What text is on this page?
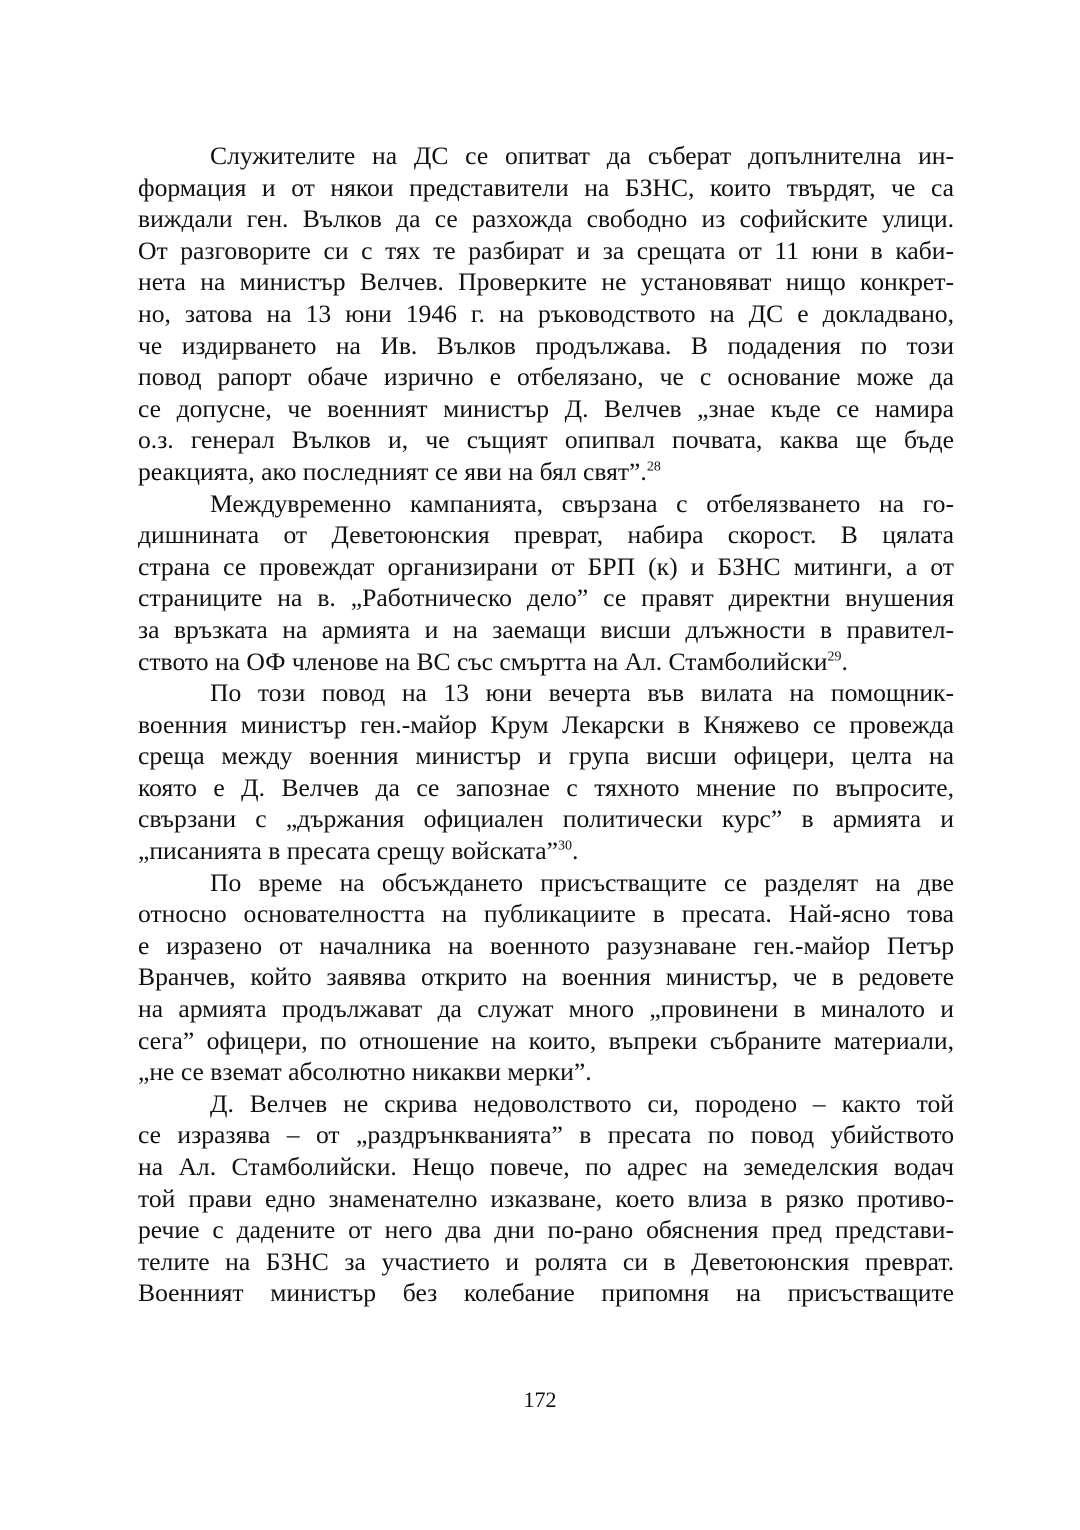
Служителите на ДС се опитват да съберат допълнителна ин-
формация и от някои представители на БЗНС, които твърдят, че са
виждали ген. Вълков да се разхожда свободно из софийските улици.
От разговорите си с тях те разбират и за срещата от 11 юни в каби-
нета на министър Велчев. Проверките не установяват нищо конкрет-
но, затова на 13 юни 1946 г. на ръководството на ДС е докладвано,
че издирването на Ив. Вълков продължава. В подадения по този
повод рапорт обаче изрично е отбелязано, че с основание може да
се допусне, че военният министър Д. Велчев „знае къде се намира
о.з. генерал Вълков и, че същият опипвал почвата, каква ще бъде
реакцията, ако последният се яви на бял свят”.$^{28}$
Междувременно кампанията, свързана с отбелязването на го-
дишнината от Деветоюнския преврат, набира скорост. В цялата
страна се провеждат организирани от БРП (к) и БЗНС митинги, а от
страниците на в. „Работническо дело” се правят директни внушения
за връзката на армията и на заемащи висши длъжности в правител-
ството на ОФ членове на ВС със смъртта на Ал. Стамболийски$^{29}$.
По този повод на 13 юни вечерта във вилата на помощник-
военния министър ген.-майор Крум Лекарски в Княжево се провежда
среща между военния министър и група висши офицери, целта на
която е Д. Велчев да се запознае с тяхното мнение по въпросите,
свързани с „държания официален политически курс” в армията и
„писанията в пресата срещу войската”$^{30}$.
По време на обсъждането присъстващите се разделят на две
относно основателността на публикациите в пресата. Най-ясно това
е изразено от началника на военното разузнаване ген.-майор Петър
Вранчев, който заявява открито на военния министър, че в редовете
на армията продължават да служат много „провинени в миналото и
сега” офицери, по отношение на които, въпреки събраните материали,
„не се вземат абсолютно никакви мерки”.
Д. Велчев не скрива недоволството си, породено – както той
се изразява – от „раздрънкванията” в пресата по повод убийството
на Ал. Стамболийски. Нещо повече, по адрес на земеделския водач
той прави едно знаменателно изказване, което влиза в рязко противо-
речие с дадените от него два дни по-рано обяснения пред представи-
телите на БЗНС за участието и ролята си в Деветоюнския преврат.
Военният министър без колебание припомня на присъстващите
172
